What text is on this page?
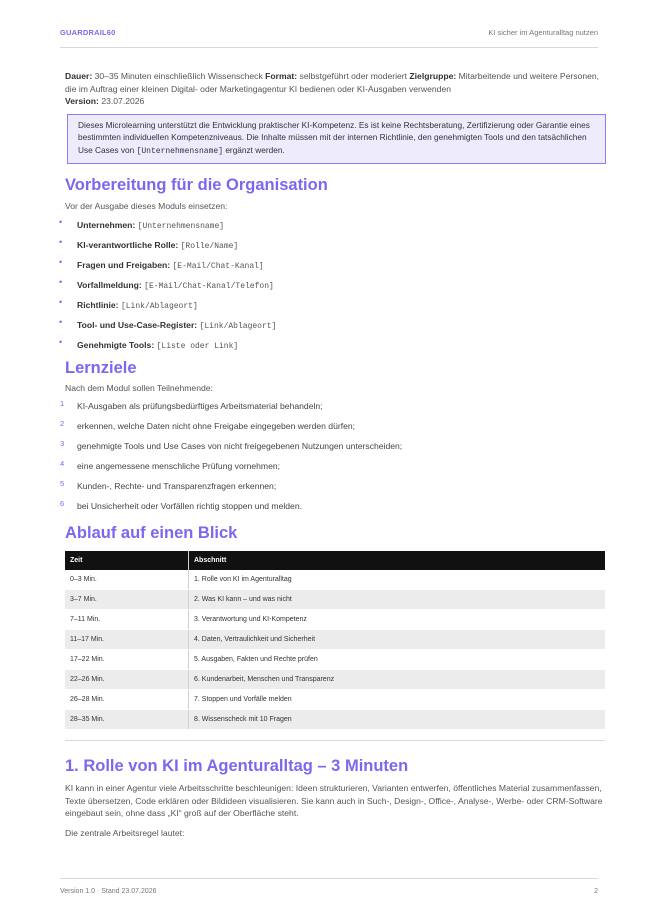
GUARDRAIL60	KI sicher im Agenturalltag nutzen
Dauer: 30–35 Minuten einschließlich Wissenscheck Format: selbstgeführt oder moderiert Zielgruppe: Mitarbeitende und weitere Personen, die im Auftrag einer kleinen Digital- oder Marketingagentur KI bedienen oder KI-Ausgaben verwenden
Version: 23.07.2026
Dieses Microlearning unterstützt die Entwicklung praktischer KI-Kompetenz. Es ist keine Rechtsberatung, Zertifizierung oder Garantie eines bestimmten individuellen Kompetenzniveaus. Die Inhalte müssen mit der internen Richtlinie, den genehmigten Tools und den tatsächlichen Use Cases von [Unternehmensname] ergänzt werden.
Vorbereitung für die Organisation
Vor der Ausgabe dieses Moduls einsetzen:
• Unternehmen: [Unternehmensname]
• KI-verantwortliche Rolle: [Rolle/Name]
• Fragen und Freigaben: [E-Mail/Chat-Kanal]
• Vorfallmeldung: [E-Mail/Chat-Kanal/Telefon]
• Richtlinie: [Link/Ablageort]
• Tool- und Use-Case-Register: [Link/Ablageort]
• Genehmigte Tools: [Liste oder Link]
Lernziele
Nach dem Modul sollen Teilnehmende:
1 KI-Ausgaben als prüfungsbedürftiges Arbeitsmaterial behandeln;
2 erkennen, welche Daten nicht ohne Freigabe eingegeben werden dürfen;
3 genehmigte Tools und Use Cases von nicht freigegebenen Nutzungen unterscheiden;
4 eine angemessene menschliche Prüfung vornehmen;
5 Kunden-, Rechte- und Transparenzfragen erkennen;
6 bei Unsicherheit oder Vorfällen richtig stoppen und melden.
Ablauf auf einen Blick
Zeit	Abschnitt
0–3 Min.	1. Rolle von KI im Agenturalltag
3–7 Min.	2. Was KI kann – und was nicht
7–11 Min.	3. Verantwortung und KI-Kompetenz
11–17 Min.	4. Daten, Vertraulichkeit und Sicherheit
17–22 Min.	5. Ausgaben, Fakten und Rechte prüfen
22–26 Min.	6. Kundenarbeit, Menschen und Transparenz
26–28 Min.	7. Stoppen und Vorfälle melden
28–35 Min.	8. Wissenscheck mit 10 Fragen
1. Rolle von KI im Agenturalltag – 3 Minuten
KI kann in einer Agentur viele Arbeitsschritte beschleunigen: Ideen strukturieren, Varianten entwerfen, öffentliches Material zusammenfassen, Texte übersetzen, Code erklären oder Bildideen visualisieren. Sie kann auch in Such-, Design-, Office-, Analyse-, Werbe- oder CRM-Software eingebaut sein, ohne dass „KI“ groß auf der Oberfläche steht.
Die zentrale Arbeitsregel lautet:
Version 1.0 · Stand 23.07.2026	2
